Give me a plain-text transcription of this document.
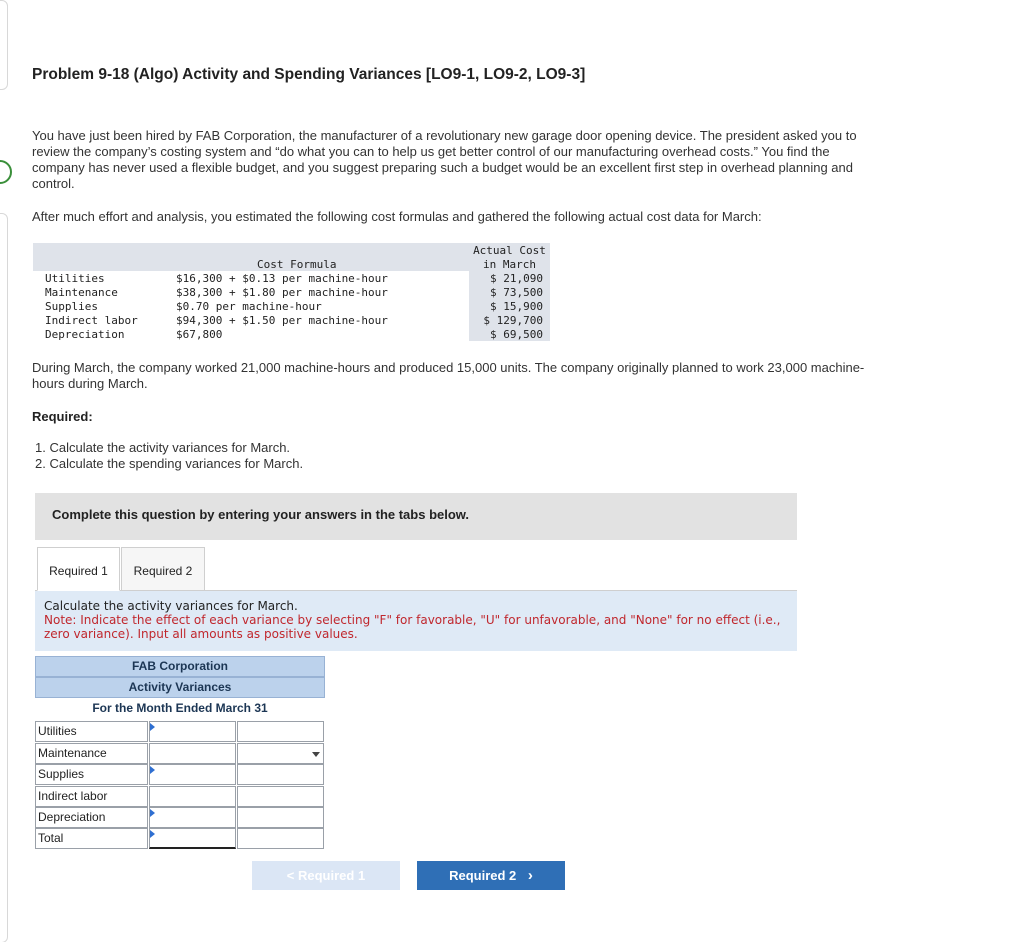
Problem 9-18 (Algo) Activity and Spending Variances [LO9-1, LO9-2, LO9-3]
You have just been hired by FAB Corporation, the manufacturer of a revolutionary new garage door opening device. The president asked you to review the company’s costing system and “do what you can to help us get better control of our manufacturing overhead costs.” You find the company has never used a flexible budget, and you suggest preparing such a budget would be an excellent first step in overhead planning and control.
After much effort and analysis, you estimated the following cost formulas and gathered the following actual cost data for March:
Cost Formula
Actual Cost
in March
Utilities	$16,300 + $0.13 per machine-hour	$ 21,090
Maintenance	$38,300 + $1.80 per machine-hour	$ 73,500
Supplies	$0.70 per machine-hour	$ 15,900
Indirect labor	$94,300 + $1.50 per machine-hour	$ 129,700
Depreciation	$67,800	$ 69,500
During March, the company worked 21,000 machine-hours and produced 15,000 units. The company originally planned to work 23,000 machine-hours during March.
Required:
1. Calculate the activity variances for March.
2. Calculate the spending variances for March.
Complete this question by entering your answers in the tabs below.
Required 1	Required 2
Calculate the activity variances for March.
Note: Indicate the effect of each variance by selecting "F" for favorable, "U" for unfavorable, and "None" for no effect (i.e., zero variance). Input all amounts as positive values.
FAB Corporation
Activity Variances
For the Month Ended March 31
Utilities
Maintenance
Supplies
Indirect labor
Depreciation
Total
< Required 1	Required 2 ›
